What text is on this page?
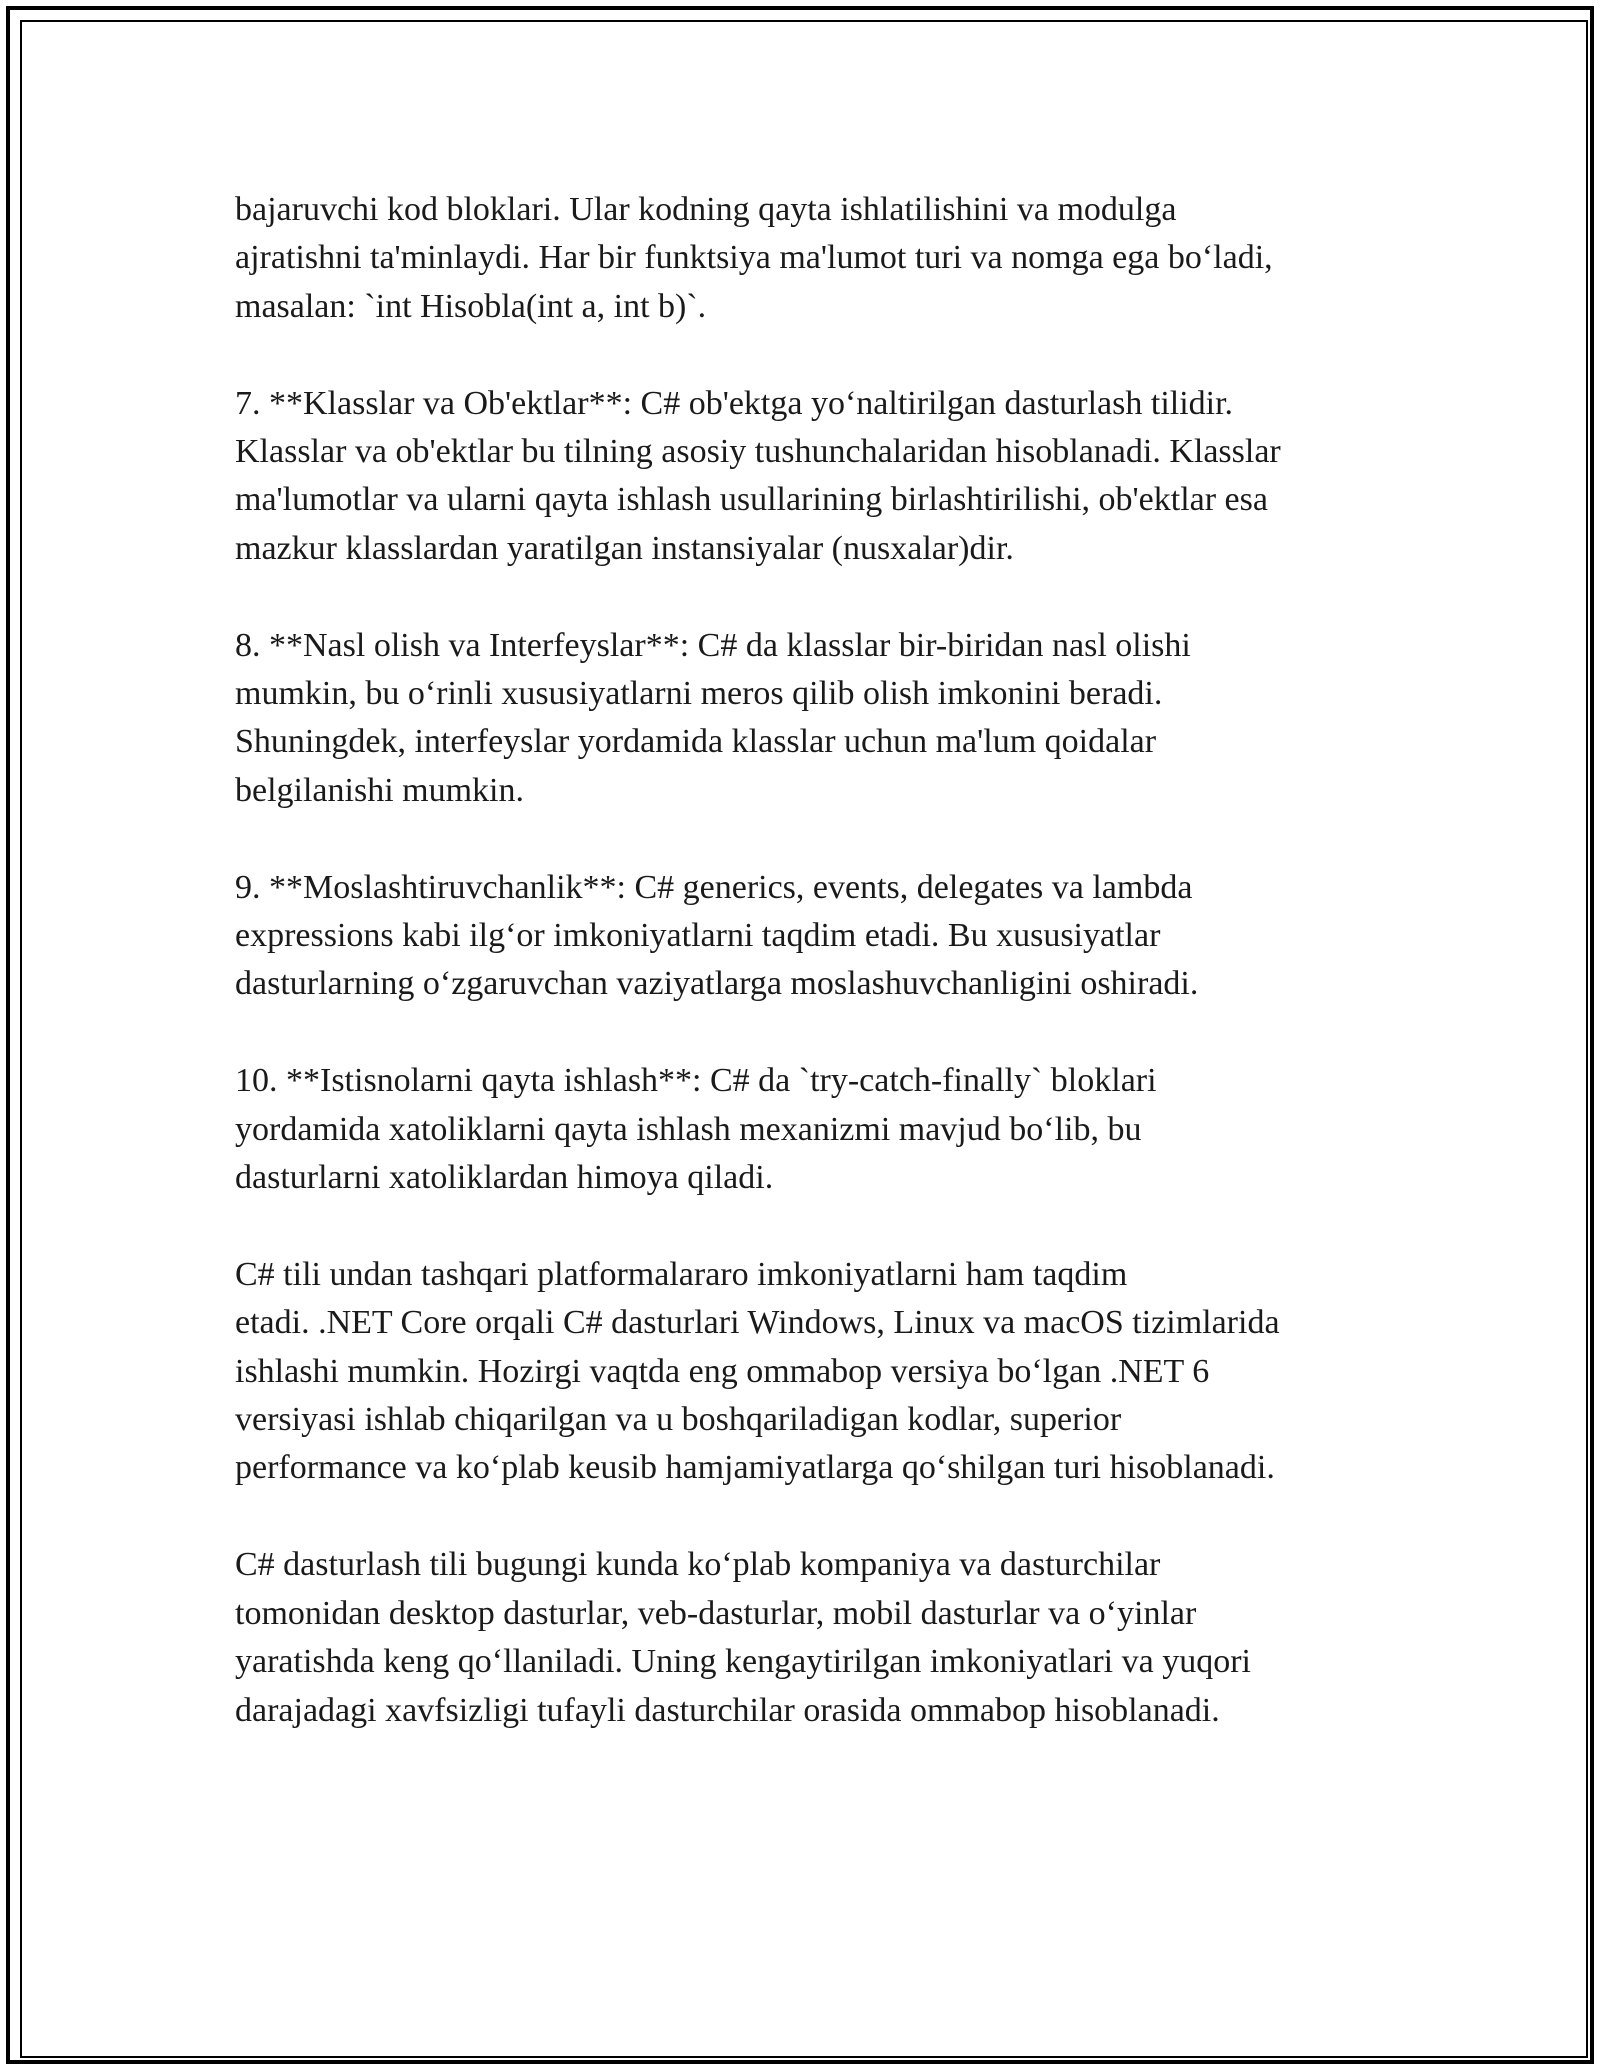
bajaruvchi kod bloklari. Ular kodning qayta ishlatilishini va modulga
ajratishni ta'minlaydi. Har bir funktsiya ma'lumot turi va nomga ega bo‘ladi,
masalan: `int Hisobla(int a, int b)`.

7. **Klasslar va Ob'ektlar**: C# ob'ektga yo‘naltirilgan dasturlash tilidir.
Klasslar va ob'ektlar bu tilning asosiy tushunchalaridan hisoblanadi. Klasslar
ma'lumotlar va ularni qayta ishlash usullarining birlashtirilishi, ob'ektlar esa
mazkur klasslardan yaratilgan instansiyalar (nusxalar)dir.

8. **Nasl olish va Interfeyslar**: C# da klasslar bir-biridan nasl olishi
mumkin, bu o‘rinli xususiyatlarni meros qilib olish imkonini beradi.
Shuningdek, interfeyslar yordamida klasslar uchun ma'lum qoidalar
belgilanishi mumkin.

9. **Moslashtiruvchanlik**: C# generics, events, delegates va lambda
expressions kabi ilg‘or imkoniyatlarni taqdim etadi. Bu xususiyatlar
dasturlarning o‘zgaruvchan vaziyatlarga moslashuvchanligini oshiradi.

10. **Istisnolarni qayta ishlash**: C# da `try-catch-finally` bloklari
yordamida xatoliklarni qayta ishlash mexanizmi mavjud bo‘lib, bu
dasturlarni xatoliklardan himoya qiladi.

C# tili undan tashqari platformalararo imkoniyatlarni ham taqdim
etadi. .NET Core orqali C# dasturlari Windows, Linux va macOS tizimlarida
ishlashi mumkin. Hozirgi vaqtda eng ommabop versiya bo‘lgan .NET 6
versiyasi ishlab chiqarilgan va u boshqariladigan kodlar, superior
performance va ko‘plab keusib hamjamiyatlarga qo‘shilgan turi hisoblanadi.

C# dasturlash tili bugungi kunda ko‘plab kompaniya va dasturchilar
tomonidan desktop dasturlar, veb-dasturlar, mobil dasturlar va o‘yinlar
yaratishda keng qo‘llaniladi. Uning kengaytirilgan imkoniyatlari va yuqori
darajadagi xavfsizligi tufayli dasturchilar orasida ommabop hisoblanadi.
